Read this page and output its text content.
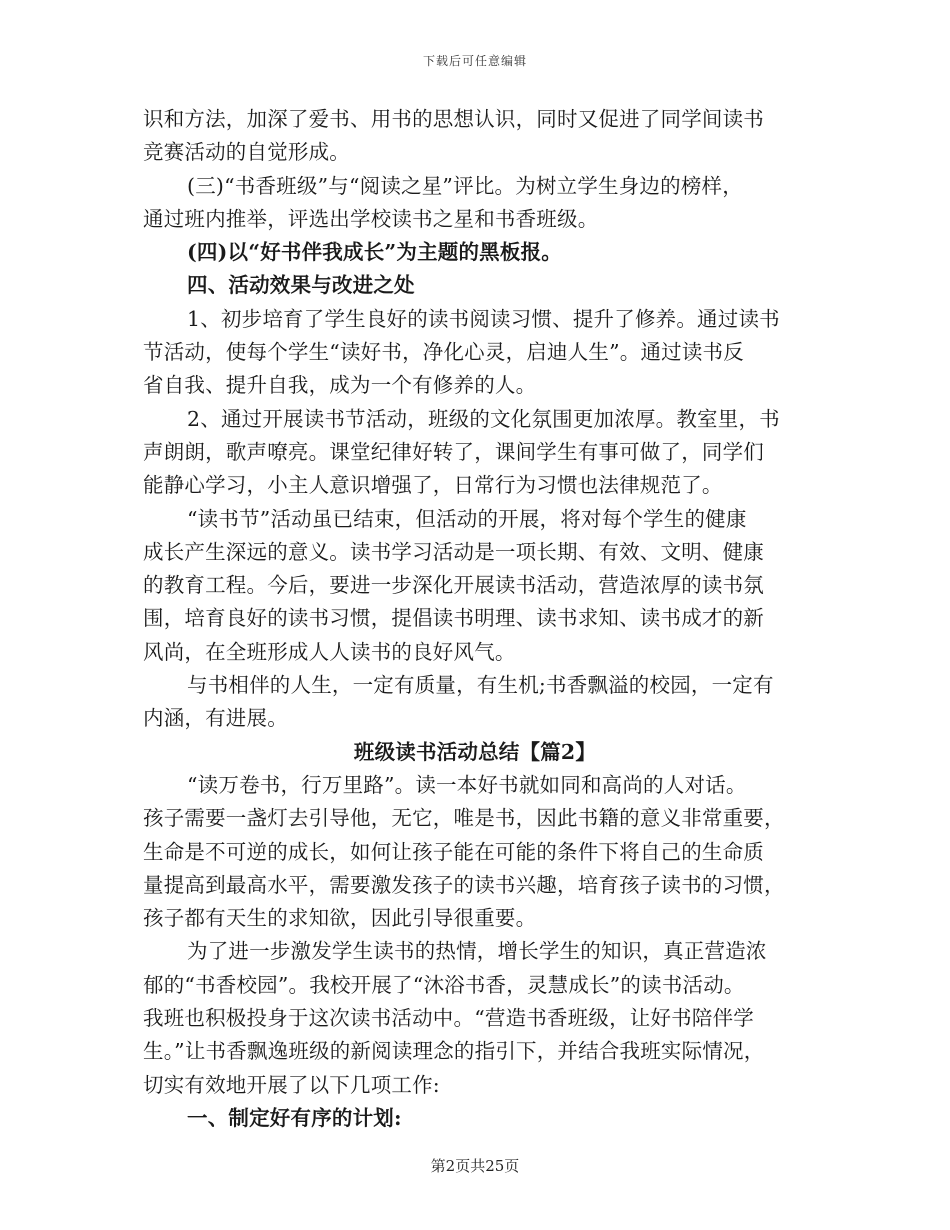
下载后可任意编辑
识和方法，加深了爱书、用书的思想认识，同时又促进了同学间读书
竞赛活动的自觉形成。
(三)“书香班级”与“阅读之星”评比。为树立学生身边的榜样，
通过班内推举，评选出学校读书之星和书香班级。
(四)以“好书伴我成长”为主题的黑板报。
四、活动效果与改进之处
1、初步培育了学生良好的读书阅读习惯、提升了修养。通过读书
节活动，使每个学生“读好书，净化心灵，启迪人生”。通过读书反
省自我、提升自我，成为一个有修养的人。
2、通过开展读书节活动，班级的文化氛围更加浓厚。教室里，书
声朗朗，歌声嘹亮。课堂纪律好转了，课间学生有事可做了，同学们
能静心学习，小主人意识增强了，日常行为习惯也法律规范了。
“读书节”活动虽已结束，但活动的开展，将对每个学生的健康
成长产生深远的意义。读书学习活动是一项长期、有效、文明、健康
的教育工程。今后，要进一步深化开展读书活动，营造浓厚的读书氛
围，培育良好的读书习惯，提倡读书明理、读书求知、读书成才的新
风尚，在全班形成人人读书的良好风气。
与书相伴的人生，一定有质量，有生机;书香飘溢的校园，一定有
内涵，有进展。
班级读书活动总结【篇2】
“读万卷书，行万里路”。读一本好书就如同和高尚的人对话。
孩子需要一盏灯去引导他，无它，唯是书，因此书籍的意义非常重要，
生命是不可逆的成长，如何让孩子能在可能的条件下将自己的生命质
量提高到最高水平，需要激发孩子的读书兴趣，培育孩子读书的习惯，
孩子都有天生的求知欲，因此引导很重要。
为了进一步激发学生读书的热情，增长学生的知识，真正营造浓
郁的“书香校园”。我校开展了“沐浴书香，灵慧成长”的读书活动。
我班也积极投身于这次读书活动中。“营造书香班级，让好书陪伴学
生。”让书香飘逸班级的新阅读理念的指引下，并结合我班实际情况，
切实有效地开展了以下几项工作:
一、制定好有序的计划:
第2页共25页
